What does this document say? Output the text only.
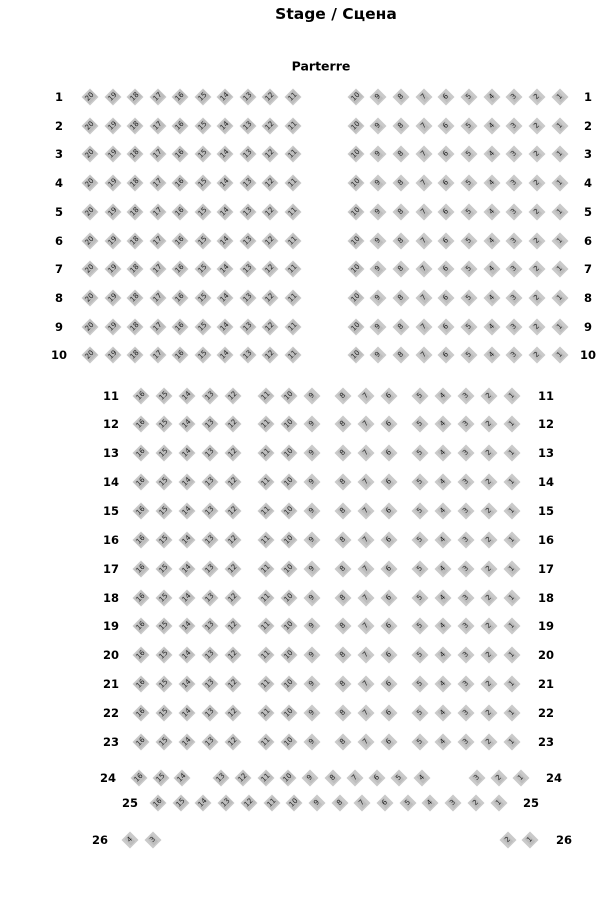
Stage / Сцена
Parterre
1	1
20 19 18 17 16 15 14 13 12 11	10 9 8 7 6 5 4 3 2 1
2	2
20 19 18 17 16 15 14 13 12 11	10 9 8 7 6 5 4 3 2 1
3	3
20 19 18 17 16 15 14 13 12 11	10 9 8 7 6 5 4 3 2 1
4	4
20 19 18 17 16 15 14 13 12 11	10 9 8 7 6 5 4 3 2 1
5	5
20 19 18 17 16 15 14 13 12 11	10 9 8 7 6 5 4 3 2 1
6	6
20 19 18 17 16 15 14 13 12 11	10 9 8 7 6 5 4 3 2 1
7	7
20 19 18 17 16 15 14 13 12 11	10 9 8 7 6 5 4 3 2 1
8	8
20 19 18 17 16 15 14 13 12 11	10 9 8 7 6 5 4 3 2 1
9	9
20 19 18 17 16 15 14 13 12 11	10 9 8 7 6 5 4 3 2 1
10	10
20 19 18 17 16 15 14 13 12 11	10 9 8 7 6 5 4 3 2 1
11	11
16 15 14 13 12	11 10 9	8 7 6	5 4 3 2 1
12	12
16 15 14 13 12	11 10 9	8 7 6	5 4 3 2 1
13	13
16 15 14 13 12	11 10 9	8 7 6	5 4 3 2 1
14	14
16 15 14 13 12	11 10 9	8 7 6	5 4 3 2 1
15	15
16 15 14 13 12	11 10 9	8 7 6	5 4 3 2 1
16	16
16 15 14 13 12	11 10 9	8 7 6	5 4 3 2 1
17	17
16 15 14 13 12	11 10 9	8 7 6	5 4 3 2 1
18	18
16 15 14 13 12	11 10 9	8 7 6	5 4 3 2 1
19	19
16 15 14 13 12	11 10 9	8 7 6	5 4 3 2 1
20	20
16 15 14 13 12	11 10 9	8 7 6	5 4 3 2 1
21	21
16 15 14 13 12	11 10 9	8 7 6	5 4 3 2 1
22	22
16 15 14 13 12	11 10 9	8 7 6	5 4 3 2 1
23	23
16 15 14 13 12	11 10 9	8 7 6	5 4 3 2 1
24	24
16 15 14	13 12 11 10 9 8 7 6 5 4	3 2 1
25	25
16 15 14 13 12 11 10 9 8 7 6 5 4 3 2 1
26	26
4 3	2 1
